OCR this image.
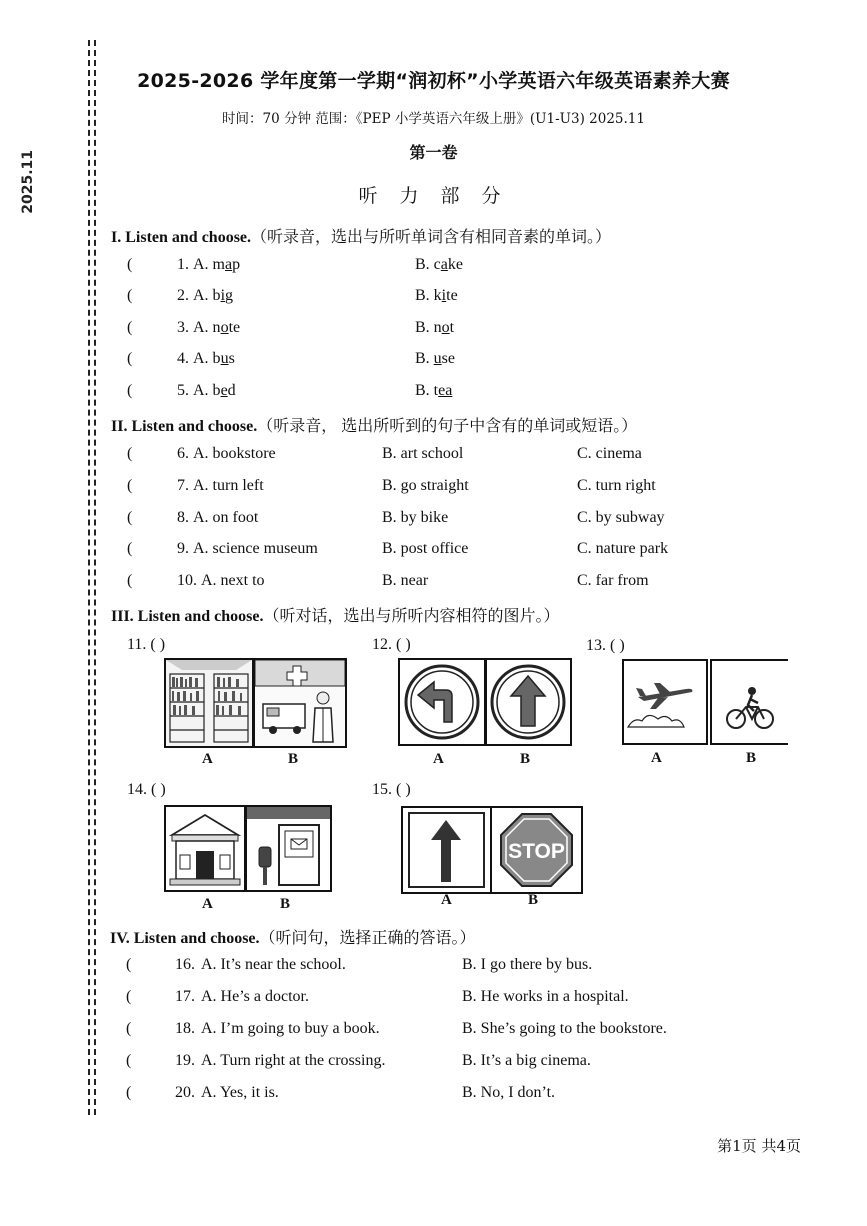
2025.11
2025-2026 学年度第一学期“润初杯”小学英语六年级英语素养大赛
时间：70 分钟 范围：《PEP 小学英语六年级上册》(U1-U3) 2025.11
第一卷
听 力 部 分
I. Listen and choose.（听录音，选出与所听单词含有相同音素的单词。）
(	1. A. map	B. cake
(	2. A. big	B. kite
(	3. A. note	B. not
(	4. A. bus	B. use
(	5. A. bed	B. tea
II. Listen and choose.（听录音， 选出所听到的句子中含有的单词或短语。）
(	6. A. bookstore	B. art school	C. cinema
(	7. A. turn left	B. go straight	C. turn right
(	8. A. on foot	B. by bike	C. by subway
(	9. A. science museum	B. post office	C. nature park
(	10. A. next to	B. near	C. far from
III. Listen and choose.（听对话，选出与所听内容相符的图片。）
11. ( )	12. ( )	13. ( )
14. ( )	15. ( )
A	B	A	B	A	B
A	B
STOP
A	B
IV. Listen and choose.（听问句，选择正确的答语。）
(	16. A. It’s near the school.	B. I go there by bus.
(	17. A. He’s a doctor.	B. He works in a hospital.
(	18. A. I’m going to buy a book.	B. She’s going to the bookstore.
(	19. A. Turn right at the crossing.	B. It’s a big cinema.
(	20. A. Yes, it is.	B. No, I don’t.
第1页 共4页
